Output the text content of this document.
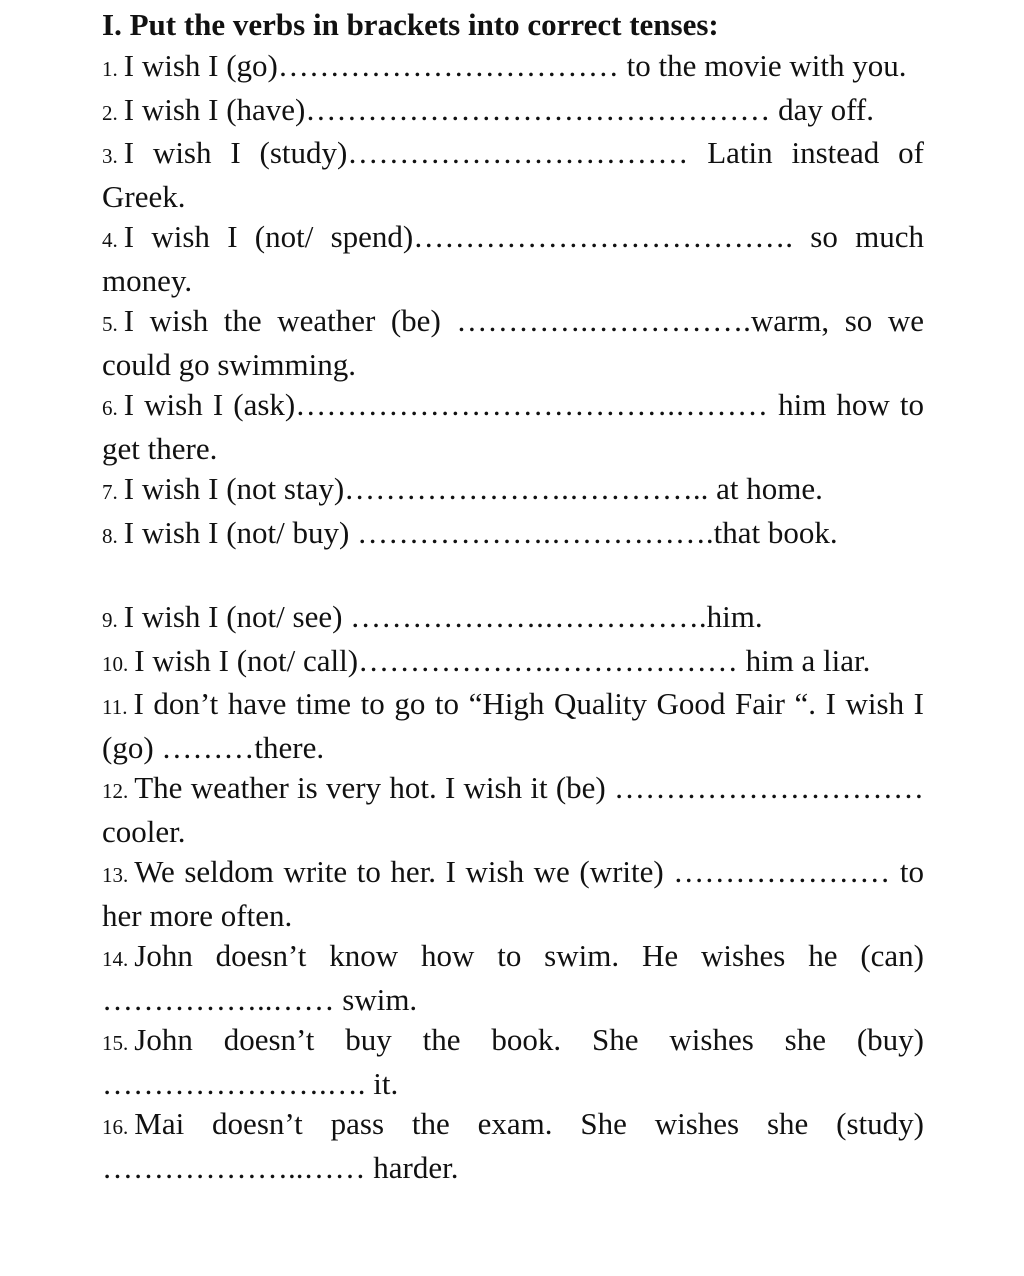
I. Put the verbs in brackets into correct tenses:
1. I wish I (go)…………………………… to the movie with you.
2. I wish I (have)……………………………………… day off.
3. I wish I (study)…………………………… Latin instead of Greek.
4. I wish I (not/ spend)………………………………. so much money.
5. I wish the weather (be) ………….…………….warm, so we could go swimming.
6. I wish I (ask)……………………………….……… him how to get there.
7. I wish I (not stay)………………….………….. at home.
8. I wish I (not/ buy) ……………….…………….that book.
9. I wish I (not/ see) ……………….…………….him.
10. I wish I (not/ call)……………….……………… him a liar.
11. I don’t have time to go to “High Quality Good Fair “. I wish I (go) ………there.
12. The weather is very hot. I wish it (be) ………………………… cooler.
13. We seldom write to her. I wish we (write) ………………… to her more often.
14. John doesn’t know how to swim. He wishes he (can) ……………..…… swim.
15. John doesn’t buy the book. She wishes she (buy) ………………….…. it.
16. Mai doesn’t pass the exam. She wishes she (study) ………………..…… harder.
